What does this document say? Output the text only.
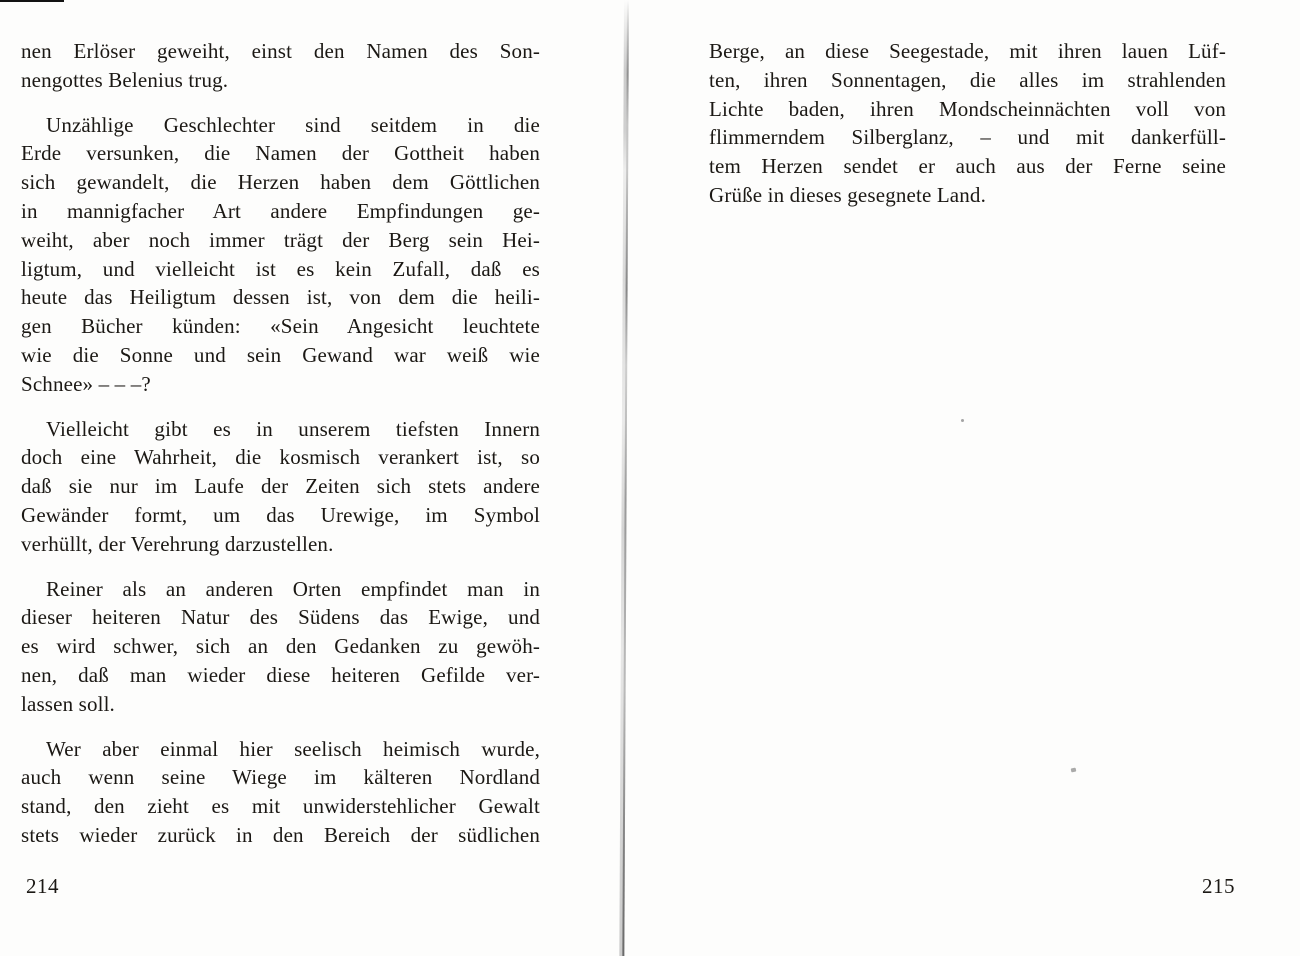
nen Erlöser geweiht, einst den Namen des Son-
nengottes Belenius trug.
Unzählige Geschlechter sind seitdem in die
Erde versunken, die Namen der Gottheit haben
sich gewandelt, die Herzen haben dem Göttlichen
in mannigfacher Art andere Empfindungen ge-
weiht, aber noch immer trägt der Berg sein Hei-
ligtum, und vielleicht ist es kein Zufall, daß es
heute das Heiligtum dessen ist, von dem die heili-
gen Bücher künden: «Sein Angesicht leuchtete
wie die Sonne und sein Gewand war weiß wie
Schnee» – – –?
Vielleicht gibt es in unserem tiefsten Innern
doch eine Wahrheit, die kosmisch verankert ist, so
daß sie nur im Laufe der Zeiten sich stets andere
Gewänder formt, um das Urewige, im Symbol
verhüllt, der Verehrung darzustellen.
Reiner als an anderen Orten empfindet man in
dieser heiteren Natur des Südens das Ewige, und
es wird schwer, sich an den Gedanken zu gewöh-
nen, daß man wieder diese heiteren Gefilde ver-
lassen soll.
Wer aber einmal hier seelisch heimisch wurde,
auch wenn seine Wiege im kälteren Nordland
stand, den zieht es mit unwiderstehlicher Gewalt
stets wieder zurück in den Bereich der südlichen
214
Berge, an diese Seegestade, mit ihren lauen Lüf-
ten, ihren Sonnentagen, die alles im strahlenden
Lichte baden, ihren Mondscheinnächten voll von
flimmerndem Silberglanz, – und mit dankerfüll-
tem Herzen sendet er auch aus der Ferne seine
Grüße in dieses gesegnete Land.
215
